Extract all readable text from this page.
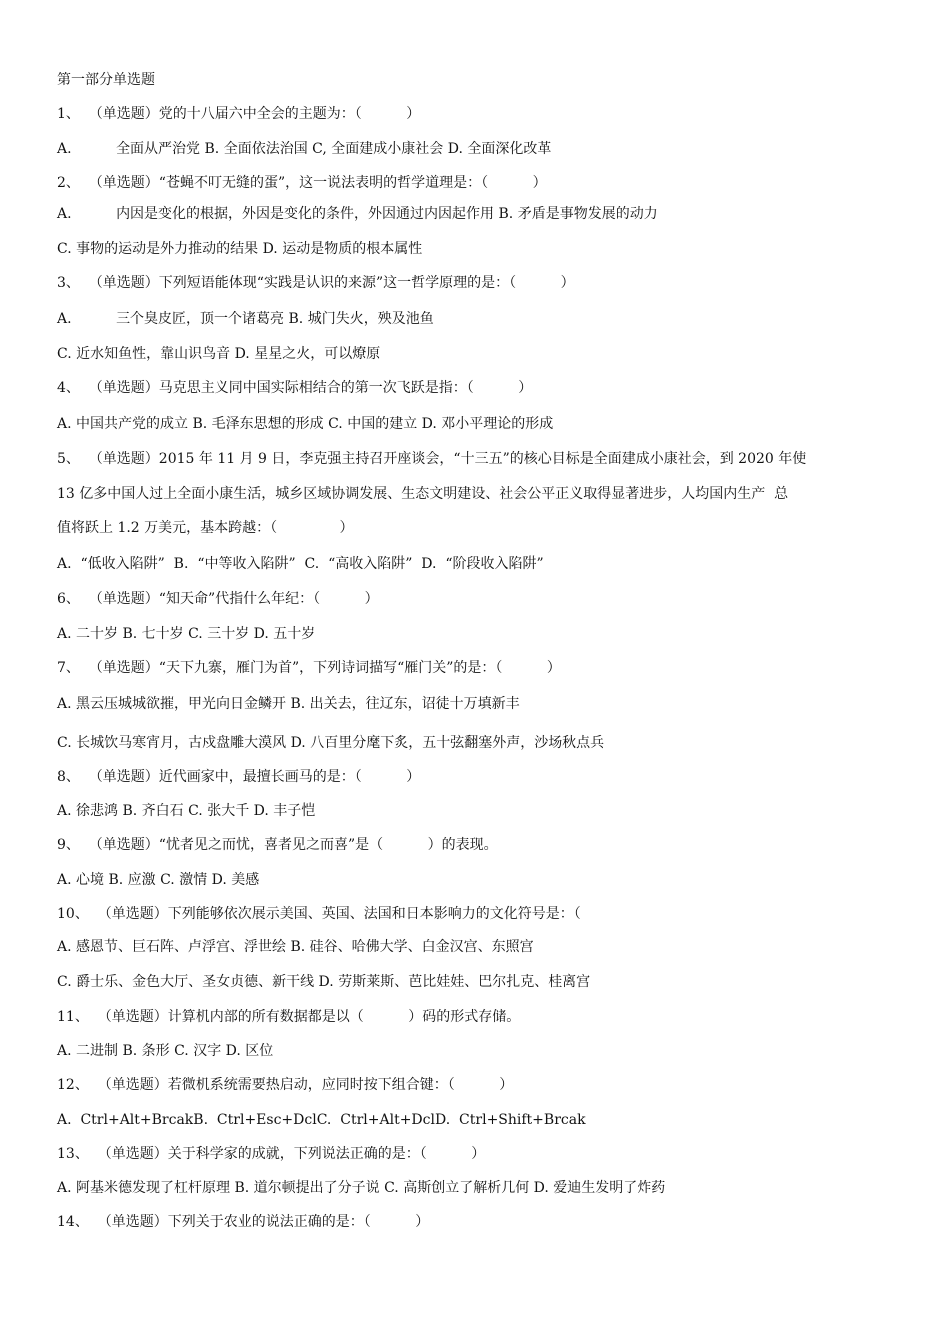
第一部分单选题
1、  （单选题）党的十八届六中全会的主题为：（          ）
A.          全面从严治党 B. 全面依法治国 C, 全面建成小康社会 D. 全面深化改革
2、  （单选题）“苍蝇不叮无缝的蛋”，这一说法表明的哲学道理是：（          ）
A.          内因是变化的根据，外因是变化的条件，外因通过内因起作用 B. 矛盾是事物发展的动力
C. 事物的运动是外力推动的结果 D. 运动是物质的根本属性
3、  （单选题）下列短语能体现“实践是认识的来源”这一哲学原理的是：（          ）
A.          三个臭皮匠，顶一个诸葛亮 B. 城门失火，殃及池鱼
C. 近水知鱼性，靠山识鸟音 D. 星星之火，可以燎原
4、  （单选题）马克思主义同中国实际相结合的第一次飞跃是指：（          ）
A. 中国共产党的成立 B. 毛泽东思想的形成 C. 中国的建立 D. 邓小平理论的形成
5、  （单选题）2015 年 11 月 9 日，李克强主持召开座谈会，“十三五”的核心目标是全面建成小康社会，到 2020 年使
13 亿多中国人过上全面小康生活，城乡区域协调发展、生态文明建设、社会公平正义取得显著进步，人均国内生产  总
值将跃上 1.2 万美元，基本跨越：（              ）
A.  “低收入陷阱”  B.  “中等收入陷阱”  C.  “高收入陷阱”  D.  “阶段收入陷阱”
6、  （单选题）“知天命”代指什么年纪：（          ）
A. 二十岁 B. 七十岁 C. 三十岁 D. 五十岁
7、  （单选题）“天下九寨，雁门为首”，下列诗词描写“雁门关”的是：（          ）
A. 黑云压城城欲摧，甲光向日金鳞开 B. 出关去，往辽东，诏徒十万填新丰
C. 长城饮马寒宵月，古戍盘雕大漠风 D. 八百里分麾下炙，五十弦翻塞外声，沙场秋点兵
8、  （单选题）近代画家中，最擅长画马的是：（          ）
A. 徐悲鸿 B. 齐白石 C. 张大千 D. 丰子恺
9、  （单选题）“忧者见之而忧，喜者见之而喜”是（          ）的表现。
A. 心境 B. 应激 C. 激情 D. 美感
10、  （单选题）下列能够依次展示美国、英国、法国和日本影响力的文化符号是：（
A. 感恩节、巨石阵、卢浮宫、浮世绘 B. 硅谷、哈佛大学、白金汉宫、东照宫
C. 爵士乐、金色大厅、圣女贞德、新干线 D. 劳斯莱斯、芭比娃娃、巴尔扎克、桂离宫
11、  （单选题）计算机内部的所有数据都是以（          ）码的形式存储。
A. 二进制 B. 条形 C. 汉字 D. 区位
12、  （单选题）若微机系统需要热启动，应同时按下组合键：（          ）
A.  Ctrl+Alt+BrcakB.  Ctrl+Esc+DclC.  Ctrl+Alt+DclD.  Ctrl+Shift+Brcak
13、  （单选题）关于科学家的成就，下列说法正确的是：（          ）
A. 阿基米德发现了杠杆原理 B. 道尔顿提出了分子说 C. 高斯创立了解析几何 D. 爱迪生发明了炸药
14、  （单选题）下列关于农业的说法正确的是：（          ）
